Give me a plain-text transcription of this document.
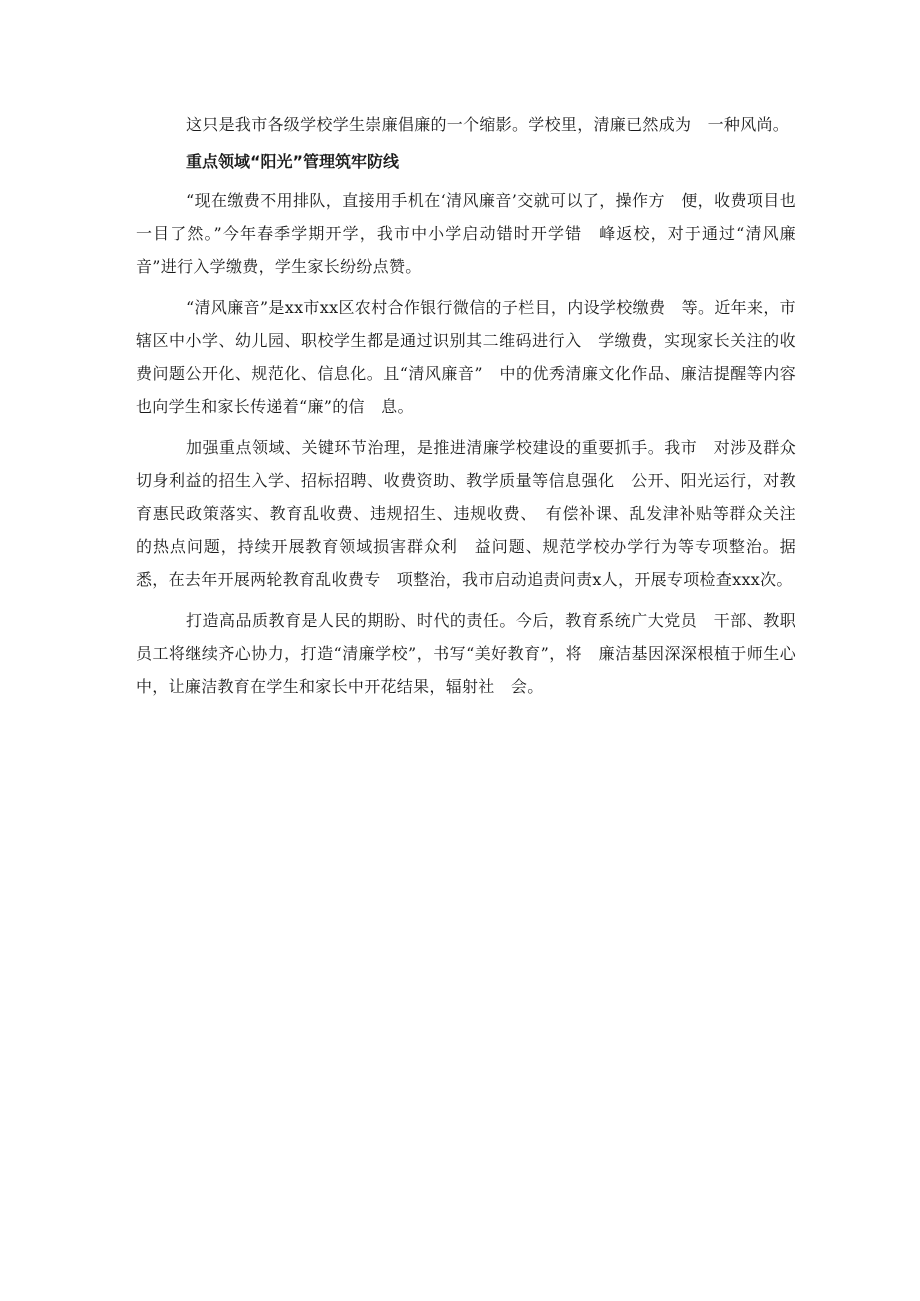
这只是我市各级学校学生崇廉倡廉的一个缩影。学校里，清廉已然成为　一种风尚。

重点领域“阳光”管理筑牢防线

“现在缴费不用排队，直接用手机在‘清风廉音’交就可以了，操作方　便，收费项目也一目了然。”今年春季学期开学，我市中小学启动错时开学错　峰返校，对于通过“清风廉音”进行入学缴费，学生家长纷纷点赞。

“清风廉音”是xx市xx区农村合作银行微信的子栏目，内设学校缴费　等。近年来，市辖区中小学、幼儿园、职校学生都是通过识别其二维码进行入　学缴费，实现家长关注的收费问题公开化、规范化、信息化。且“清风廉音”　中的优秀清廉文化作品、廉洁提醒等内容也向学生和家长传递着“廉”的信　息。

加强重点领域、关键环节治理，是推进清廉学校建设的重要抓手。我市　对涉及群众切身利益的招生入学、招标招聘、收费资助、教学质量等信息强化　公开、阳光运行，对教育惠民政策落实、教育乱收费、违规招生、违规收费、　有偿补课、乱发津补贴等群众关注的热点问题，持续开展教育领域损害群众利　益问题、规范学校办学行为等专项整治。据悉，在去年开展两轮教育乱收费专　项整治，我市启动追责问责x人，开展专项检查xxx次。

打造高品质教育是人民的期盼、时代的责任。今后，教育系统广大党员　干部、教职员工将继续齐心协力，打造“清廉学校”，书写“美好教育”，将　廉洁基因深深根植于师生心中，让廉洁教育在学生和家长中开花结果，辐射社　会。
